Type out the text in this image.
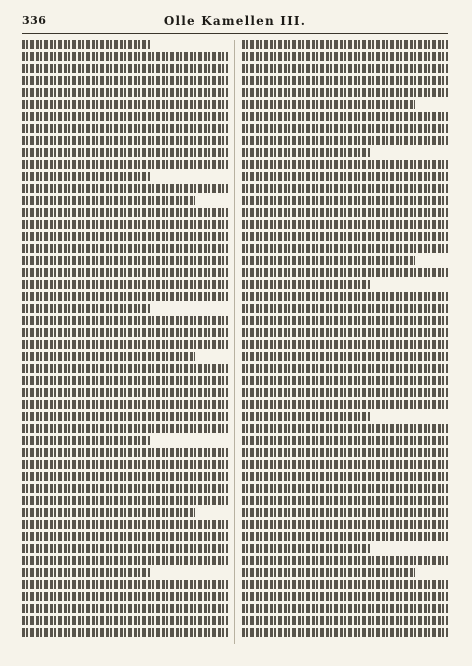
336	Olle Kamellen III.
